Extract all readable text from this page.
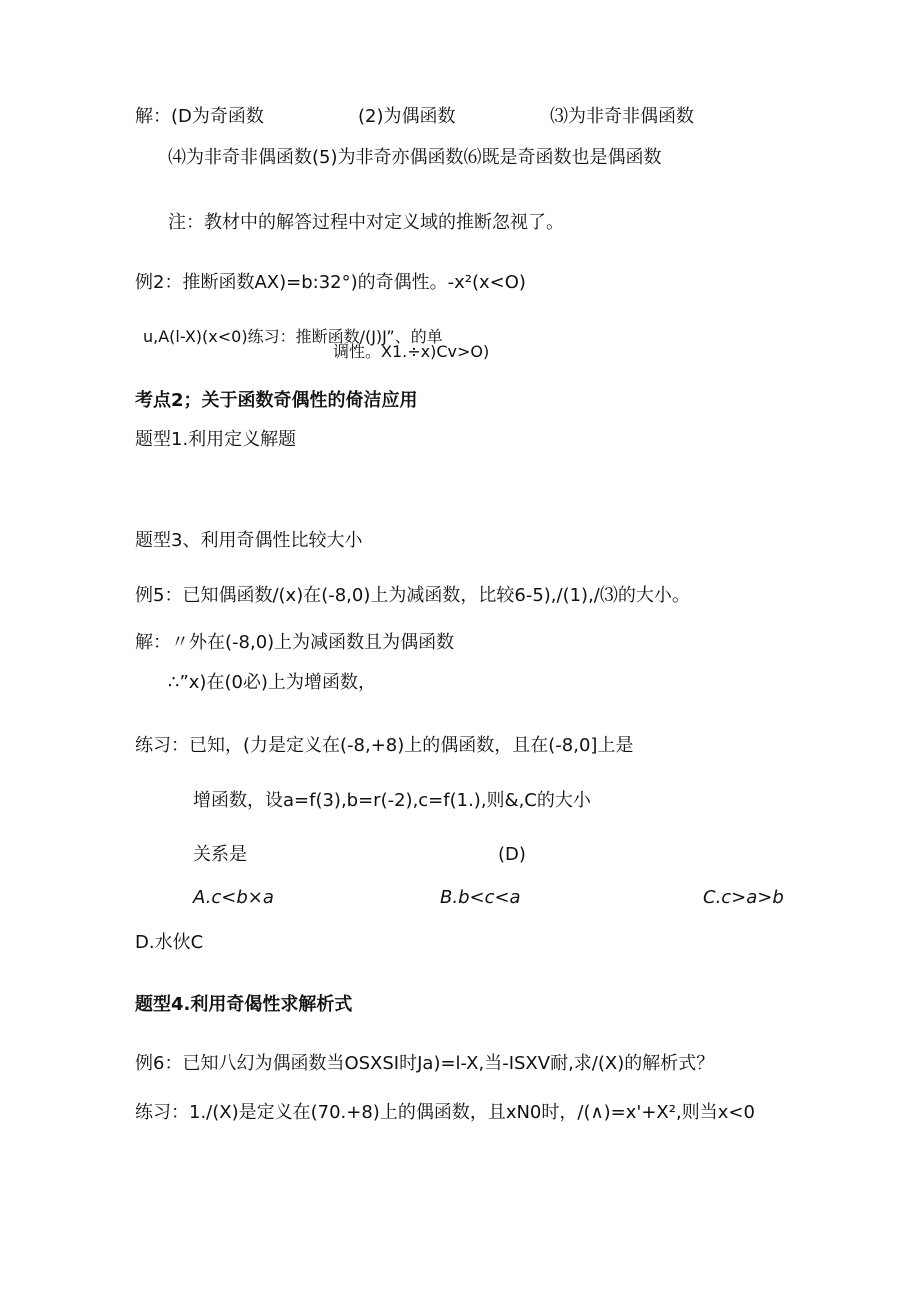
解：(D为奇函数	(2)为偶函数	⑶为非奇非偶函数
⑷为非奇非偶函数(5)为非奇亦偶函数⑹既是奇函数也是偶函数
注：教材中的解答过程中对定义域的推断忽视了。
例2：推断函数AX)=b:32°)的奇偶性。-x²(x<O)
u,A(l-X)(x<0)练习：推断函数/(J)J”、的单
调性。X1.÷x)Cv>O)
考点2；关于函数奇偶性的倚洁应用
题型1.利用定义解题
题型3、利用奇偶性比较大小
例5：已知偶函数/(x)在(-8,0)上为减函数，比较6-5),/(1),/⑶的大小。
解：〃外在(-8,0)上为减函数且为偶函数
∴”x)在(0必)上为增函数，
练习：已知，(力是定义在(-8,+8)上的偶函数，且在(-8,0]上是
增函数，设a=f(3),b=r(-2),c=f(1.),则&,C的大小
关系是	(D)
A.c<b×a	B.b<c<a	C.c>a>b
D.水伙C
题型4.利用奇偈性求解析式
例6：已知八幻为偶函数当OSXSI时Ja)=l-X,当-ISXV耐,求/(X)的解析式？
练习：1./(X)是定义在(70.+8)上的偶函数，且xN0时，/(∧)=x'+X²,则当x<0
